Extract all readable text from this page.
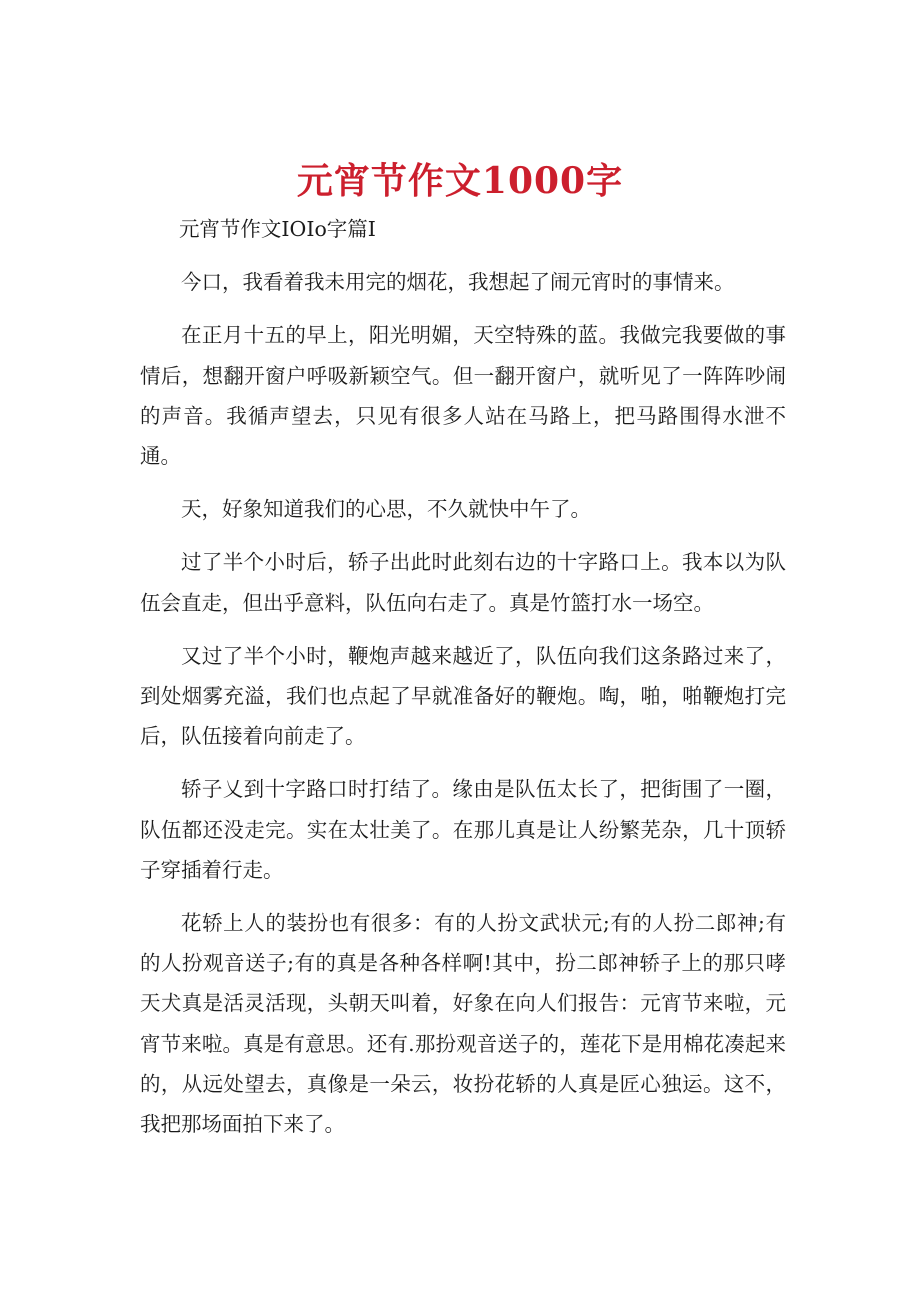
元宵节作文1000字

元宵节作文IOIo字篇I

今口，我看着我未用完的烟花，我想起了闹元宵时的事情来。

在正月十五的早上，阳光明媚，天空特殊的蓝。我做完我要做的事情后，想翻开窗户呼吸新颖空气。但一翻开窗户，就听见了一阵阵吵闹的声音。我循声望去，只见有很多人站在马路上，把马路围得水泄不通。

天，好象知道我们的心思，不久就快中午了。

过了半个小时后，轿子出此时此刻右边的十字路口上。我本以为队伍会直走，但出乎意料，队伍向右走了。真是竹篮打水一场空。

又过了半个小时，鞭炮声越来越近了，队伍向我们这条路过来了，到处烟雾充溢，我们也点起了早就准备好的鞭炮。啕，啪，啪鞭炮打完后，队伍接着向前走了。

轿子乂到十字路口时打结了。缘由是队伍太长了，把街围了一圈，队伍都还没走完。实在太壮美了。在那儿真是让人纷繁芜杂，几十顶轿子穿插着行走。

花轿上人的装扮也有很多：有的人扮文武状元;有的人扮二郎神;有的人扮观音送子;有的真是各种各样啊!其中，扮二郎神轿子上的那只哮天犬真是活灵活现，头朝天叫着，好象在向人们报告：元宵节来啦，元宵节来啦。真是有意思。还有.那扮观音送子的，莲花下是用棉花凑起来的，从远处望去，真像是一朵云，妆扮花轿的人真是匠心独运。这不，我把那场面拍下来了。
